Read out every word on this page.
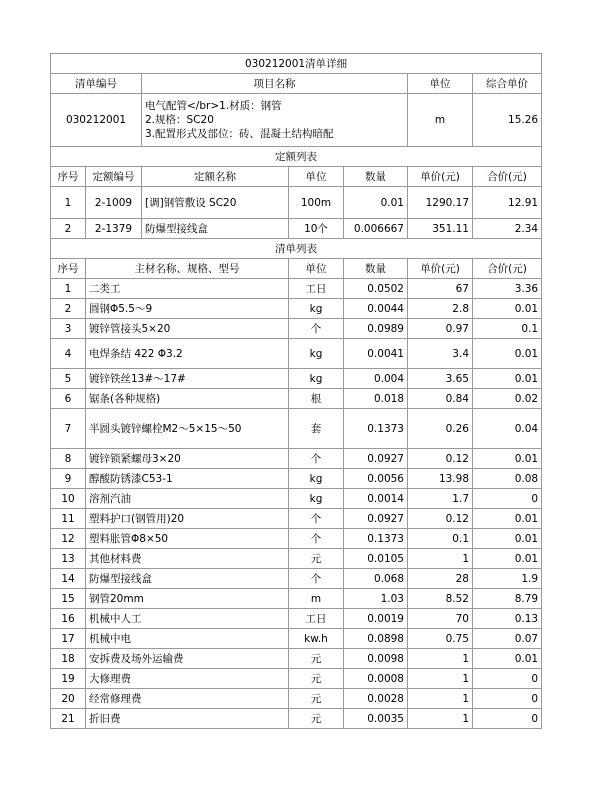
030212001清单详细						
清单编号		项目名称			单位	综合单价
030212001		电气配管</br>1.材质：钢管
2.规格：SC20
3.配置形式及部位：砖、混凝土结构暗配			m	15.26
定额列表						
序号	定额编号	定额名称	单位	数量	单价(元)	合价(元)
1	2-1009	[调]钢管敷设 SC20	100m	0.01	1290.17	12.91
2	2-1379	防爆型接线盒	10个	0.006667	351.11	2.34
清单列表						
序号	主材名称、规格、型号		单位	数量	单价(元)	合价(元)
1	二类工		工日	0.0502	67	3.36
2	圆钢Φ5.5～9		kg	0.0044	2.8	0.01
3	镀锌管接头5×20		个	0.0989	0.97	0.1
4	电焊条结 422 Φ3.2		kg	0.0041	3.4	0.01
5	镀锌铁丝13#～17#		kg	0.004	3.65	0.01
6	锯条(各种规格)		根	0.018	0.84	0.02
7	半圆头镀锌螺栓M2～5×15～50		套	0.1373	0.26	0.04
8	镀锌锁紧螺母3×20		个	0.0927	0.12	0.01
9	醇酸防锈漆C53-1		kg	0.0056	13.98	0.08
10	溶剂汽油		kg	0.0014	1.7	0
11	塑料护口(钢管用)20		个	0.0927	0.12	0.01
12	塑料胀管Φ8×50		个	0.1373	0.1	0.01
13	其他材料费		元	0.0105	1	0.01
14	防爆型接线盒		个	0.068	28	1.9
15	钢管20mm		m	1.03	8.52	8.79
16	机械中人工		工日	0.0019	70	0.13
17	机械中电		kw.h	0.0898	0.75	0.07
18	安拆费及场外运输费		元	0.0098	1	0.01
19	大修理费		元	0.0008	1	0
20	经常修理费		元	0.0028	1	0
21	折旧费		元	0.0035	1	0
